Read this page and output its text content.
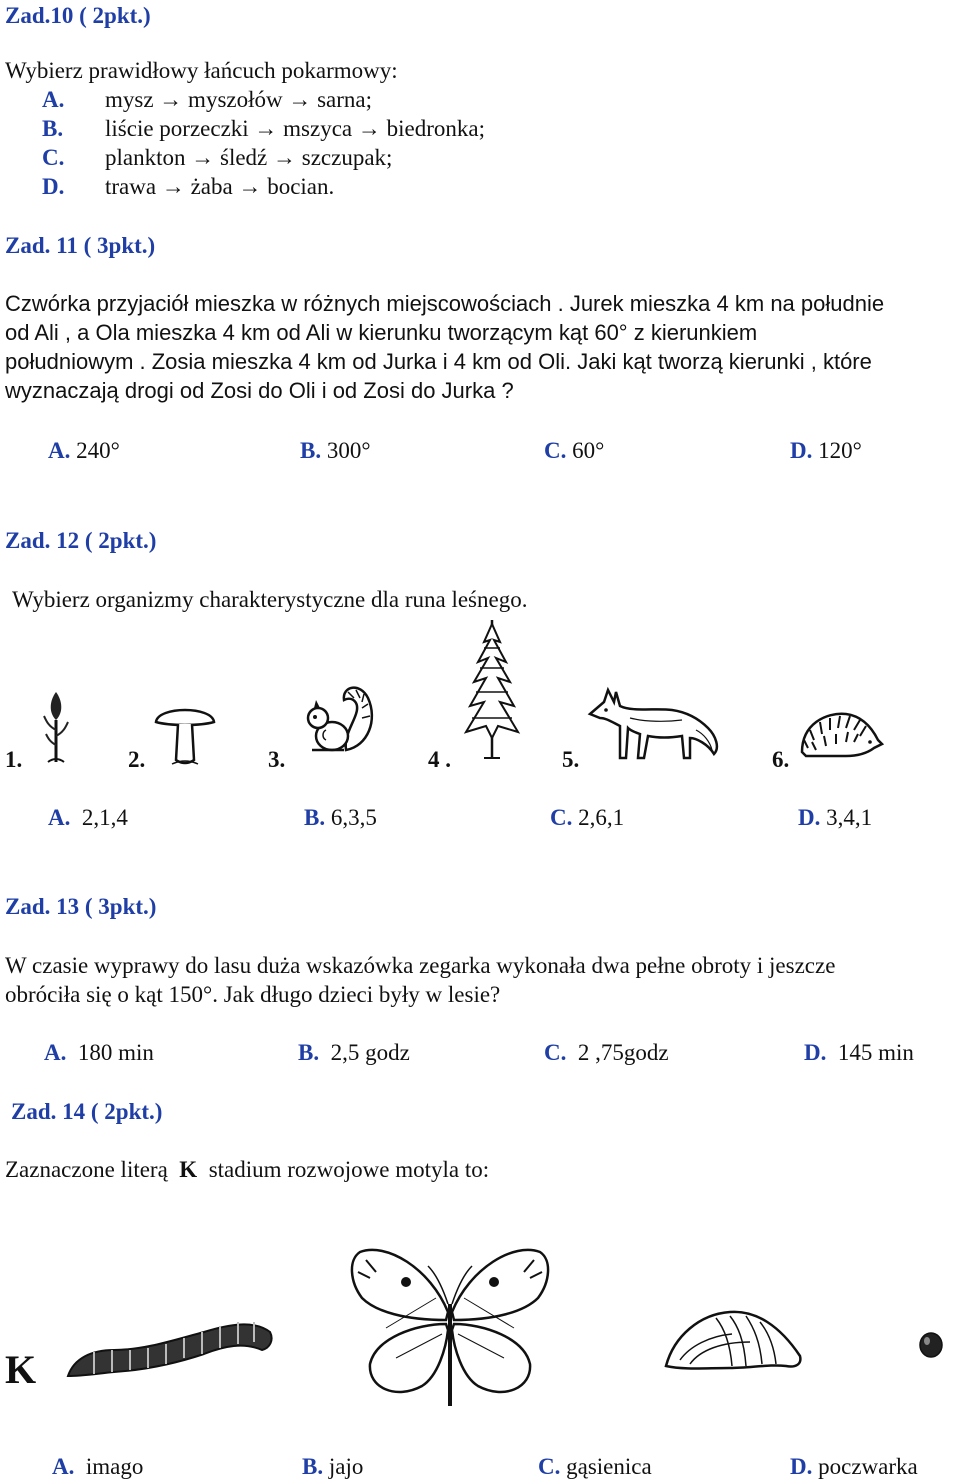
Zad.10 ( 2pkt.)
Wybierz prawidłowy łańcuch pokarmowy:
A. mysz → myszołów → sarna;
B. liście porzeczki → mszyca → biedronka;
C. plankton → śledź → szczupak;
D. trawa → żaba → bocian.
Zad. 11 ( 3pkt.)
Czwórka przyjaciół mieszka w różnych miejscowościach . Jurek mieszka 4 km na południe
od Ali , a Ola mieszka 4 km od Ali w kierunku tworzącym kąt 60° z kierunkiem
południowym . Zosia mieszka 4 km od Jurka i 4 km od Oli. Jaki kąt tworzą kierunki , które
wyznaczają drogi od Zosi do Oli i od Zosi do Jurka ?
A. 240°	B. 300°	C. 60°	D. 120°
Zad. 12 ( 2pkt.)
Wybierz organizmy charakterystyczne dla runa leśnego.
1.	2.	3.	4 .	5.	6.
A. 2,1,4	B. 6,3,5	C. 2,6,1	D. 3,4,1
Zad. 13 ( 3pkt.)
W czasie wyprawy do lasu duża wskazówka zegarka wykonała dwa pełne obroty i jeszcze
obróciła się o kąt 150°. Jak długo dzieci były w lesie?
A. 180 min	B. 2,5 godz	C. 2 ,75godz	D. 145 min
Zad. 14 ( 2pkt.)
Zaznaczone literą K stadium rozwojowe motyla to:
K
A. imago	B. jajo	C. gąsienica	D. poczwarka
